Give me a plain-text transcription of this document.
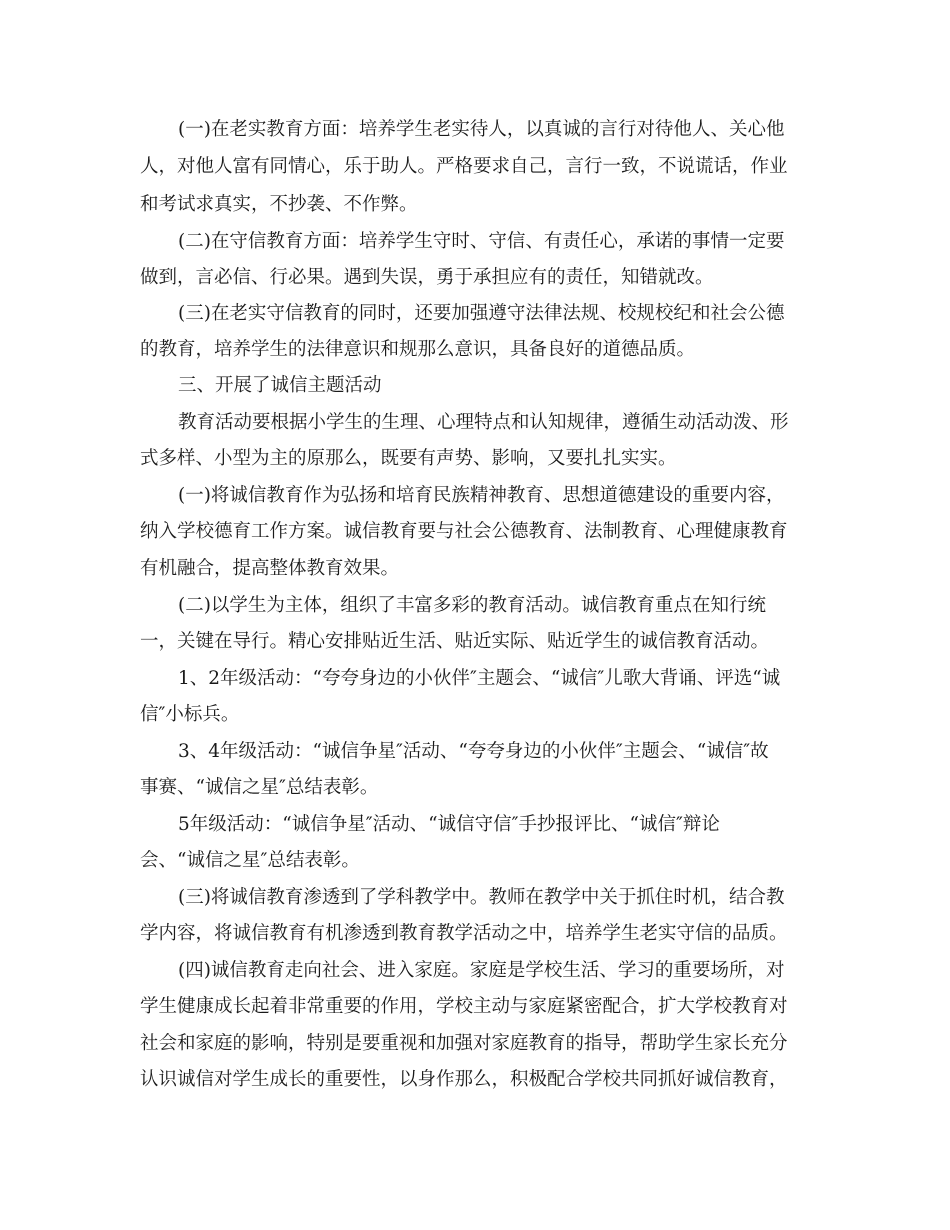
(一)在老实教育方面：培养学生老实待人，以真诚的言行对待他人、关心他
人，对他人富有同情心，乐于助人。严格要求自己，言行一致，不说谎话，作业
和考试求真实，不抄袭、不作弊。
(二)在守信教育方面：培养学生守时、守信、有责任心，承诺的事情一定要
做到，言必信、行必果。遇到失误，勇于承担应有的责任，知错就改。
(三)在老实守信教育的同时，还要加强遵守法律法规、校规校纪和社会公德
的教育，培养学生的法律意识和规那么意识，具备良好的道德品质。
三、开展了诚信主题活动
教育活动要根据小学生的生理、心理特点和认知规律，遵循生动活动泼、形
式多样、小型为主的原那么，既要有声势、影响，又要扎扎实实。
(一)将诚信教育作为弘扬和培育民族精神教育、思想道德建设的重要内容，
纳入学校德育工作方案。诚信教育要与社会公德教育、法制教育、心理健康教育
有机融合，提高整体教育效果。
(二)以学生为主体，组织了丰富多彩的教育活动。诚信教育重点在知行统
一，关键在导行。精心安排贴近生活、贴近实际、贴近学生的诚信教育活动。
1、2年级活动：“夸夸身边的小伙伴″主题会、“诚信″儿歌大背诵、评选“诚
信″小标兵。
3、4年级活动：“诚信争星″活动、“夸夸身边的小伙伴″主题会、“诚信″故
事赛、“诚信之星″总结表彰。
5年级活动：“诚信争星″活动、“诚信守信″手抄报评比、“诚信″辩论
会、“诚信之星″总结表彰。
(三)将诚信教育渗透到了学科教学中。教师在教学中关于抓住时机，结合教
学内容，将诚信教育有机渗透到教育教学活动之中，培养学生老实守信的品质。
(四)诚信教育走向社会、进入家庭。家庭是学校生活、学习的重要场所，对
学生健康成长起着非常重要的作用，学校主动与家庭紧密配合，扩大学校教育对
社会和家庭的影响，特别是要重视和加强对家庭教育的指导，帮助学生家长充分
认识诚信对学生成长的重要性，以身作那么，积极配合学校共同抓好诚信教育，
